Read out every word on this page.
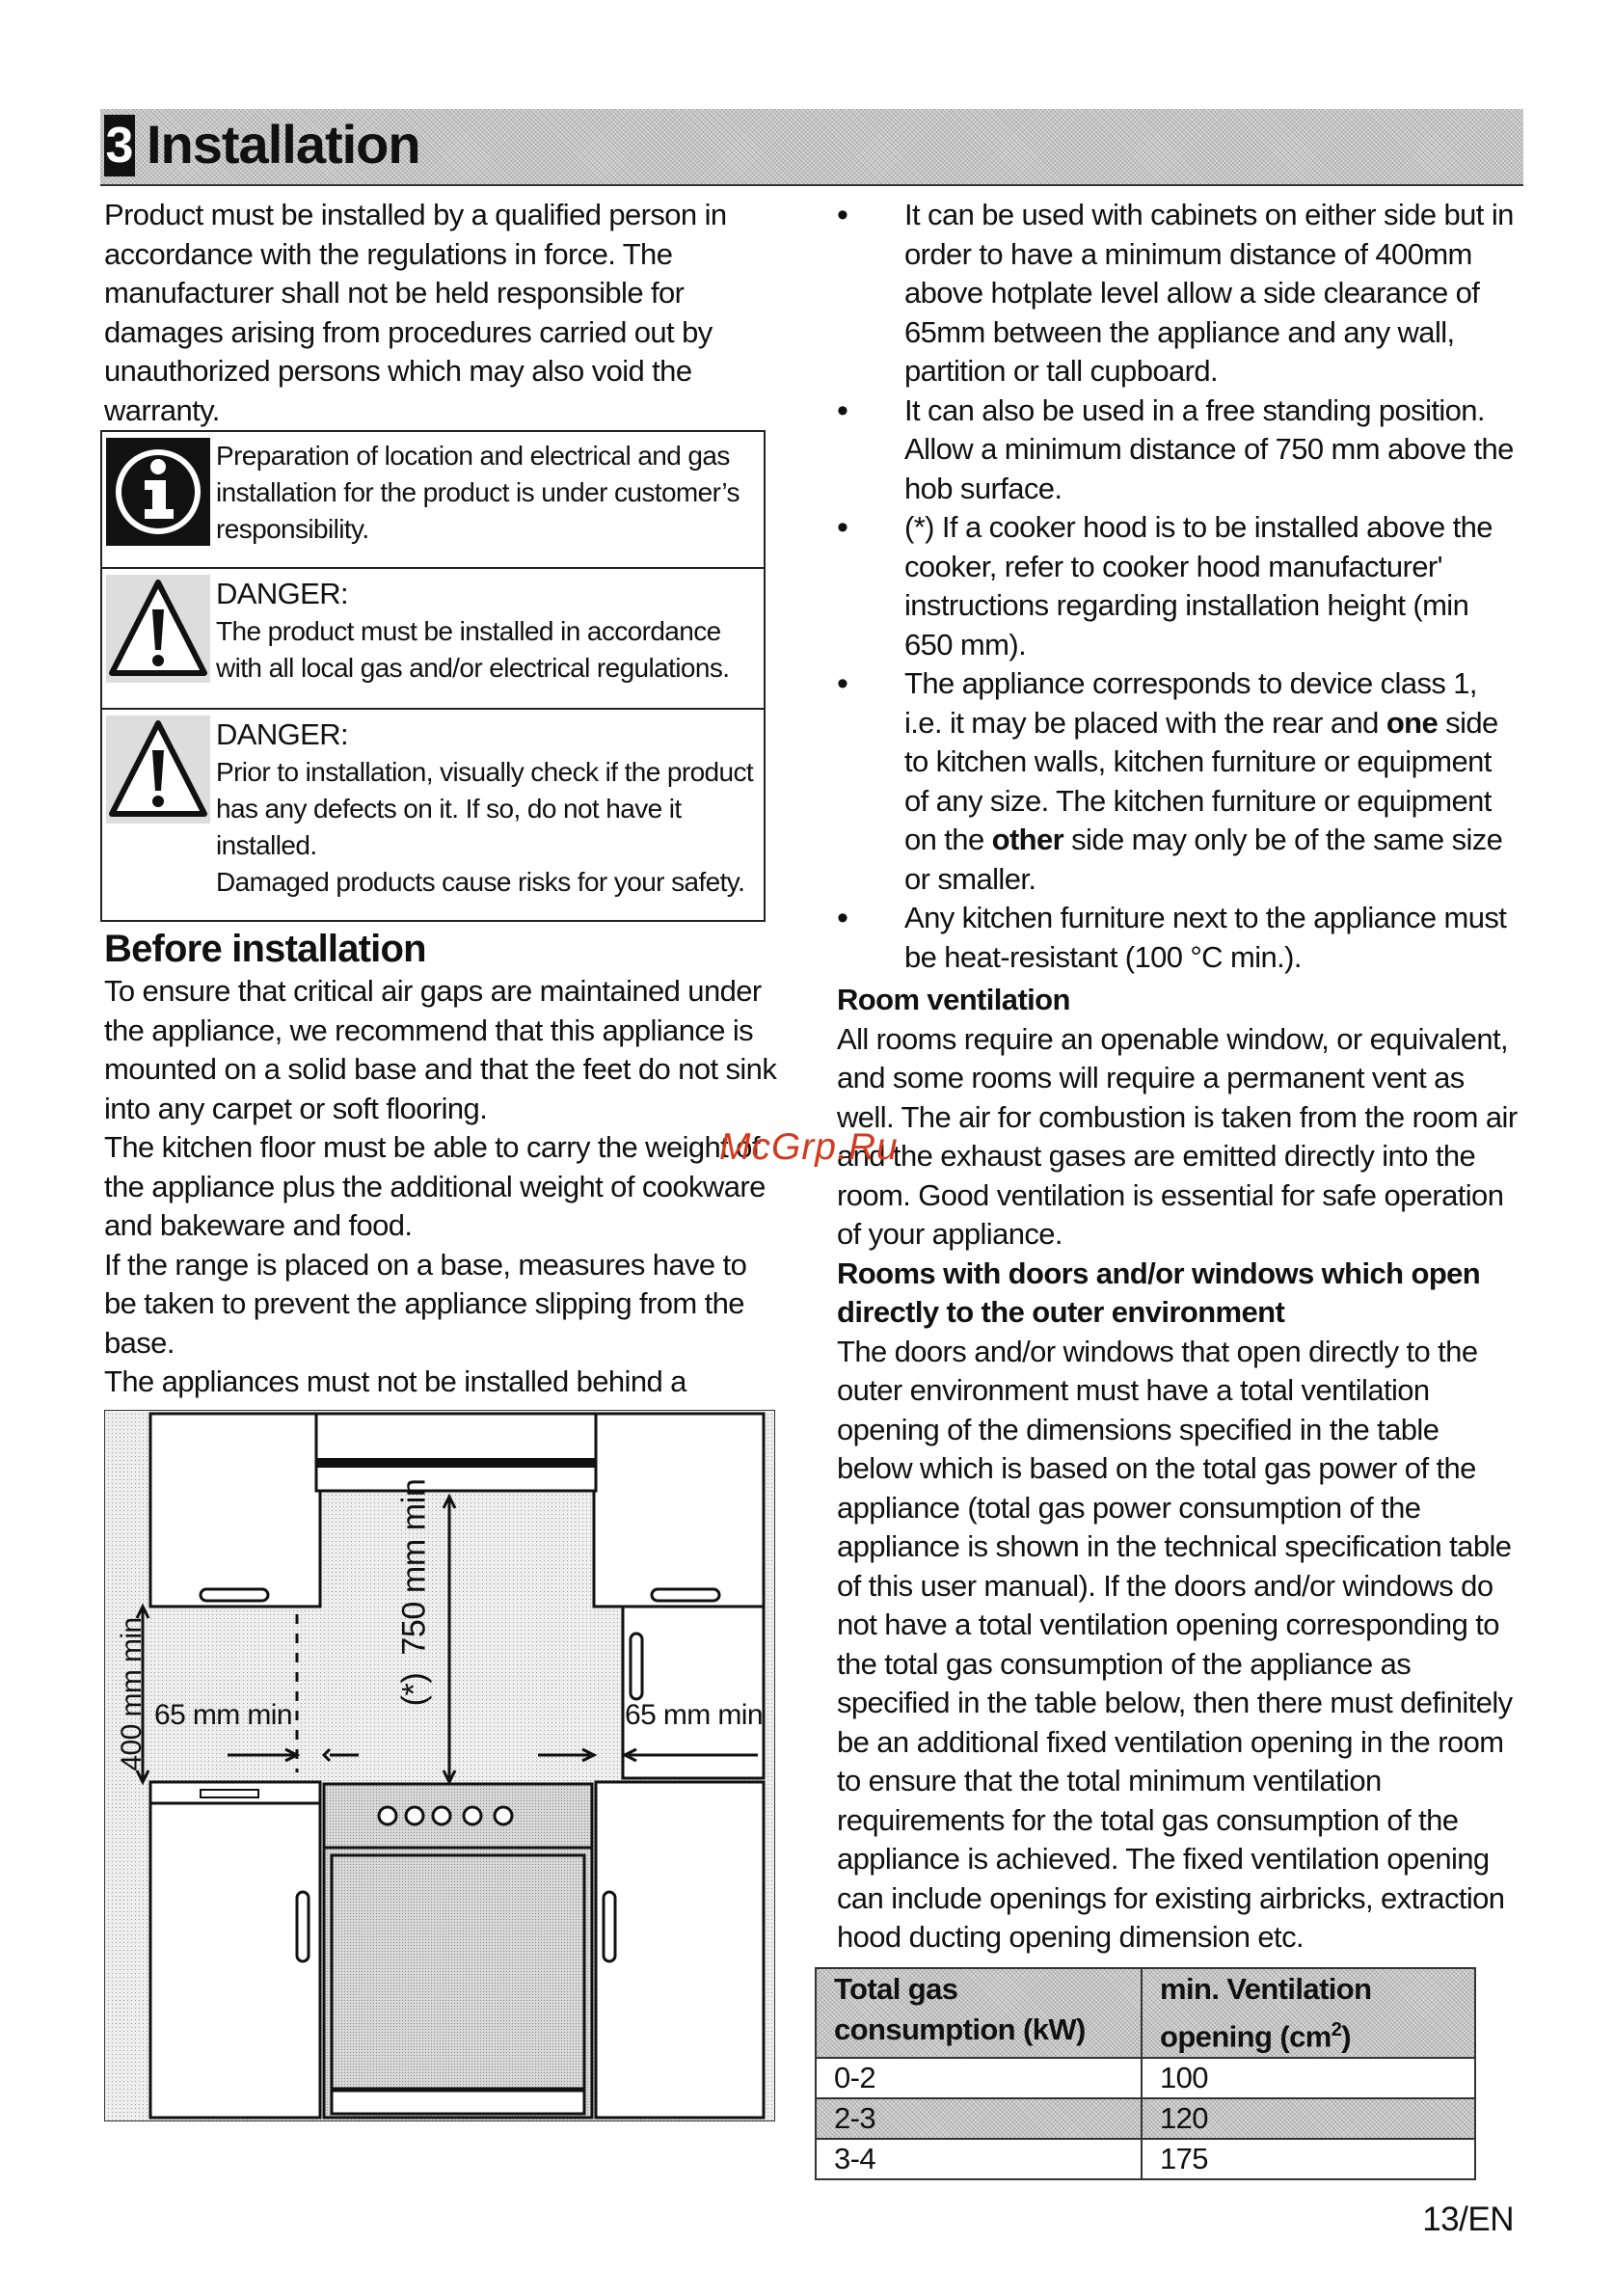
3 Installation

Product must be installed by a qualified person in accordance with the regulations in force. The manufacturer shall not be held responsible for damages arising from procedures carried out by unauthorized persons which may also void the warranty.

Preparation of location and electrical and gas installation for the product is under customer’s responsibility.
DANGER:
The product must be installed in accordance with all local gas and/or electrical regulations.
DANGER:
Prior to installation, visually check if the product has any defects on it. If so, do not have it installed.
Damaged products cause risks for your safety.
Before installation

To ensure that critical air gaps are maintained under the appliance, we recommend that this appliance is mounted on a solid base and that the feet do not sink into any carpet or soft flooring.

The kitchen floor must be able to carry the weight of the appliance plus the additional weight of cookware and bakeware and food.

If the range is placed on a base, measures have to be taken to prevent the appliance slipping from the base.

The appliances must not be installed behind a

400 mm min 65 mm min	65 mm min
(*)  750 mm min
• It can be used with cabinets on either side but in order to have a minimum distance of 400mm above hotplate level allow a side clearance of 65mm between the appliance and any wall, partition or tall cupboard.
• It can also be used in a free standing position. Allow a minimum distance of 750 mm above the hob surface.
• (*) If a cooker hood is to be installed above the cooker, refer to cooker hood manufacturer' instructions regarding installation height (min 650 mm).
• The appliance corresponds to device class 1, i.e. it may be placed with the rear and one side to kitchen walls, kitchen furniture or equipment of any size. The kitchen furniture or equipment on the other side may only be of the same size or smaller.
• Any kitchen furniture next to the appliance must be heat-resistant (100 °C min.).

Room ventilation

All rooms require an openable window, or equivalent, and some rooms will require a permanent vent as well. The air for combustion is taken from the room air and the exhaust gases are emitted directly into the room. Good ventilation is essential for safe operation of your appliance.

Rooms with doors and/or windows which open directly to the outer environment

The doors and/or windows that open directly to the outer environment must have a total ventilation opening of the dimensions specified in the table below which is based on the total gas power of the appliance (total gas power consumption of the appliance is shown in the technical specification table of this user manual). If the doors and/or windows do not have a total ventilation opening corresponding to the total gas consumption of the appliance as specified in the table below, then there must definitely be an additional fixed ventilation opening in the room to ensure that the total minimum ventilation requirements for the total gas consumption of the appliance is achieved. The fixed ventilation opening can include openings for existing airbricks, extraction hood ducting opening dimension etc.

Total gas consumption (kW)	min. Ventilation opening $(cm^2)$
0-2	100
2-3	120
3-4	175
13/EN
McGrp.Ru
